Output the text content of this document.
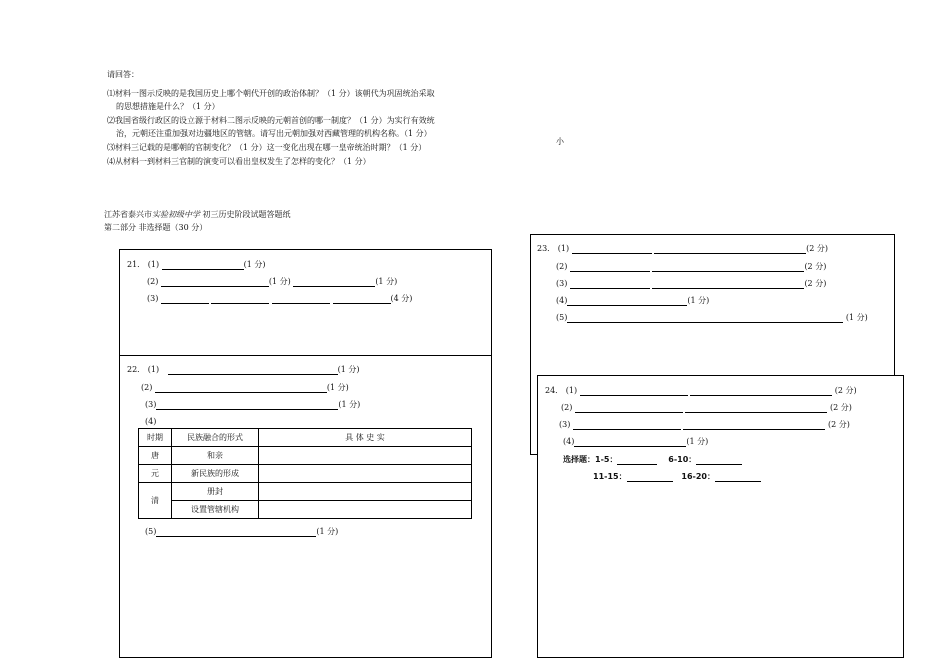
请回答：
⑴材料一图示反映的是我国历史上哪个朝代开创的政治体制？（1 分）该朝代为巩固统治采取
的思想措施是什么？（1 分）
⑵我国省级行政区的设立源于材料二图示反映的元朝首创的哪一制度？（1 分）为实行有效统
治，元朝还注重加强对边疆地区的管辖。请写出元朝加强对西藏管理的机构名称。（1 分）
⑶材料三记载的是哪朝的官制变化？（1 分）这一变化出现在哪一皇帝统治时期？（1 分）
⑷从材料一到材料三官制的演变可以看出皇权发生了怎样的变化？（1 分）
小
江苏省泰兴市实验初级中学 初三历史阶段试题答题纸
第二部分 非选择题（30 分）
21． (1)	(1 分)
(2)	(1 分)	(1 分)
(3)	(4 分)
22． (1)	(1 分)
(2)	(1 分)
(3)	(1 分)
(4)
时期	民族融合的形式	具 体 史 实
唐	和亲	
元	新民族的形成	
清	册封	
	设置管辖机构	
(5)	(1 分)
23． (1)	(2 分)
(2)	(2 分)
(3)	(2 分)
(4)	(1 分)
(5)	(1 分)
24． (1)	(2 分)
(2)	(2 分)
(3)	(2 分)
(4)	(1 分)
选择题：1-5：	6-10：
11-15：	16-20：
